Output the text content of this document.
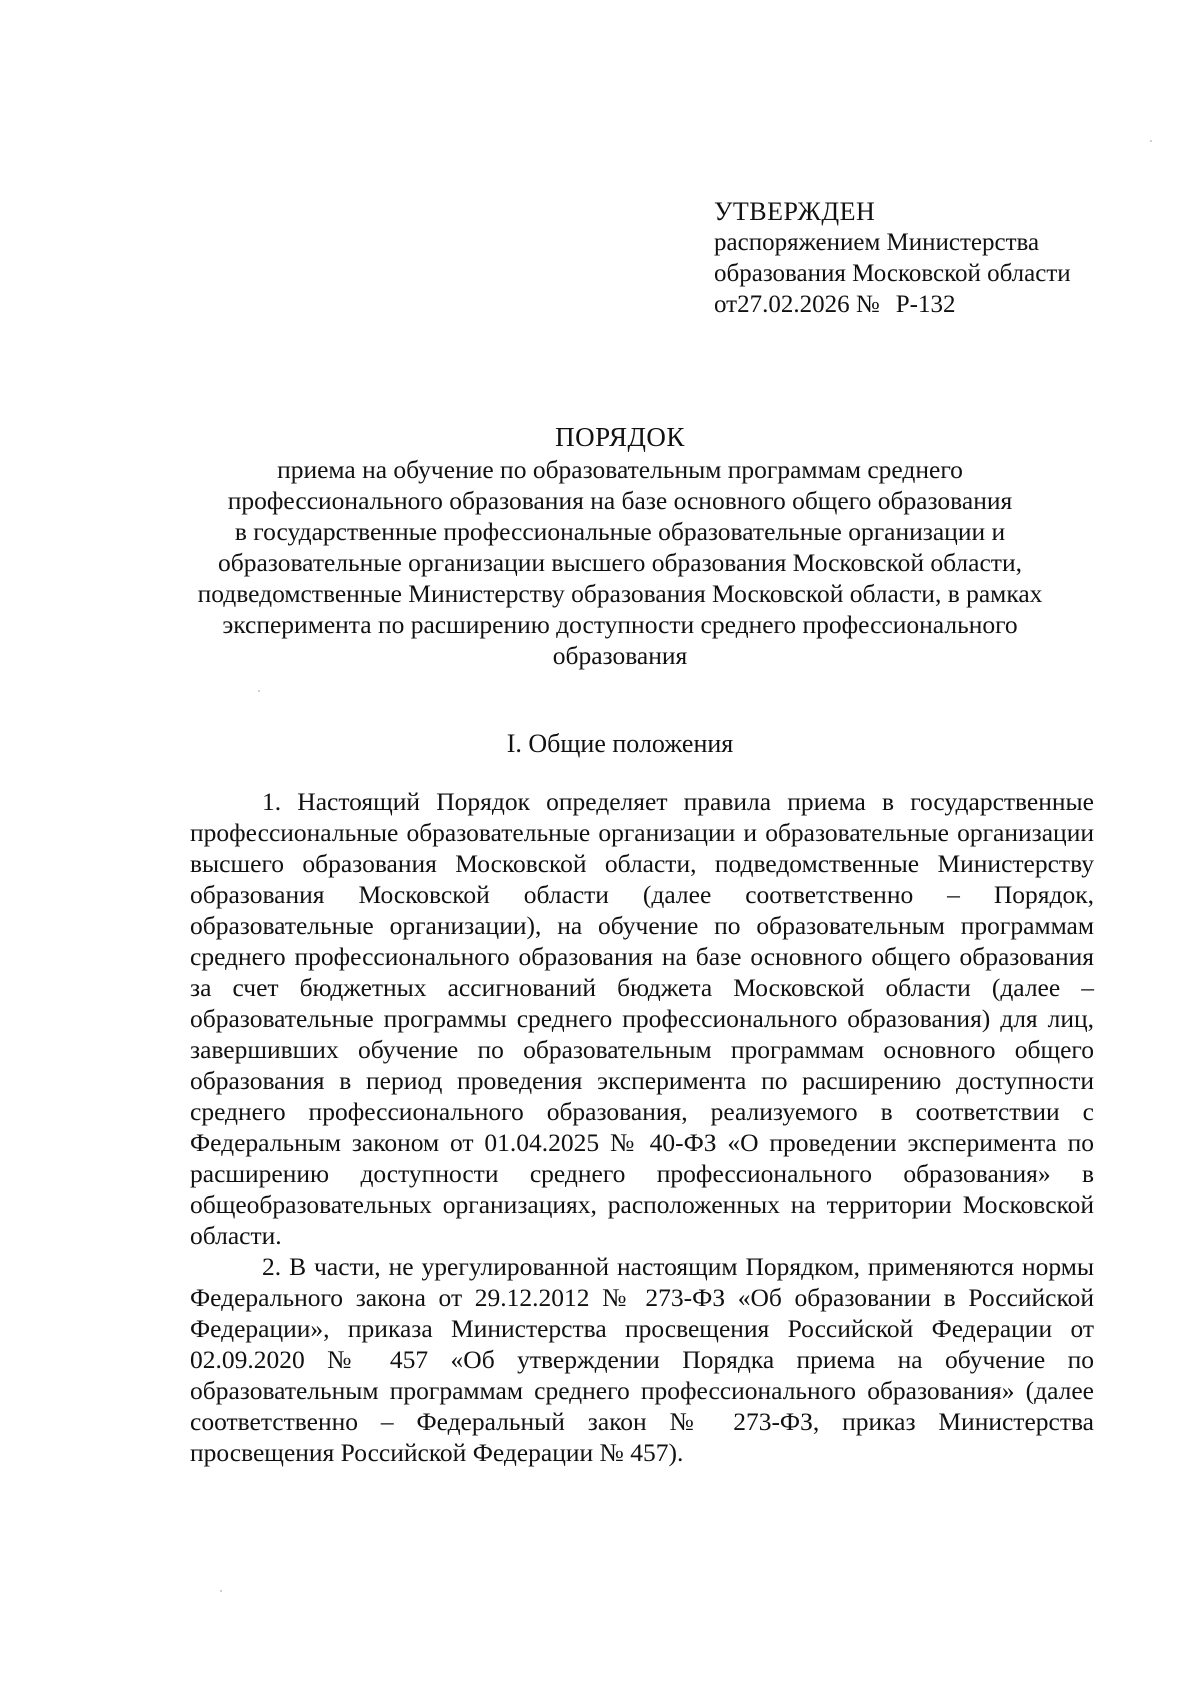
УТВЕРЖДЕН
распоряжением Министерства
образования Московской области
от27.02.2026 № Р-132
ПОРЯДОК
приема на обучение по образовательным программам среднего
профессионального образования на базе основного общего образования
в государственные профессиональные образовательные организации и
образовательные организации высшего образования Московской области,
подведомственные Министерству образования Московской области, в рамках
эксперимента по расширению доступности среднего профессионального
образования
I. Общие положения

1. Настоящий Порядок определяет правила приема в государственные профессиональные образовательные организации и образовательные организации высшего образования Московской области, подведомственные Министерству образования Московской области (далее соответственно – Порядок, образовательные организации), на обучение по образовательным программам среднего профессионального образования на базе основного общего образования за счет бюджетных ассигнований бюджета Московской области (далее – образовательные программы среднего профессионального образования) для лиц, завершивших обучение по образовательным программам основного общего образования в период проведения эксперимента по расширению доступности среднего профессионального образования, реализуемого в соответствии с Федеральным законом от 01.04.2025 № 40-ФЗ «О проведении эксперимента по расширению доступности среднего профессионального образования» в общеобразовательных организациях, расположенных на территории Московской области.

2. В части, не урегулированной настоящим Порядком, применяются нормы Федерального закона от 29.12.2012 № 273-ФЗ «Об образовании в Российской Федерации», приказа Министерства просвещения Российской Федерации от 02.09.2020 № 457 «Об утверждении Порядка приема на обучение по образовательным программам среднего профессионального образования» (далее соответственно – Федеральный закон № 273-ФЗ, приказ Министерства просвещения Российской Федерации № 457).
